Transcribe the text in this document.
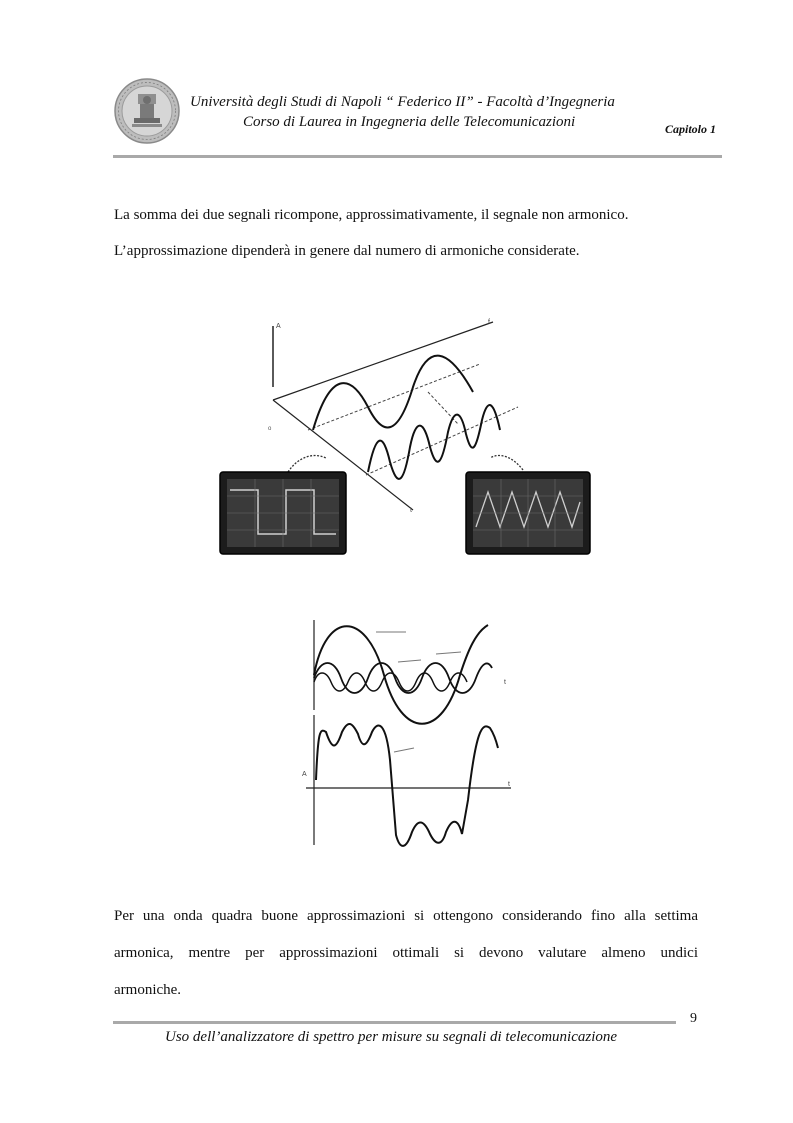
Università degli Studi di Napoli “ Federico II” - Facoltà d’Ingegneria
Corso di Laurea in Ingegneria delle Telecomunicazioni	Capitolo 1
La somma dei due segnali ricompone, approssimativamente, il segnale non armonico.
L’approssimazione dipenderà in genere dal numero di armoniche considerate.
A
f
t
o
t
A
t
Per una onda quadra buone approssimazioni si ottengono considerando fino alla settima
armonica, mentre per approssimazioni ottimali si devono valutare almeno undici
armoniche.
9
Uso dell’analizzatore di spettro per misure su segnali di telecomunicazione
